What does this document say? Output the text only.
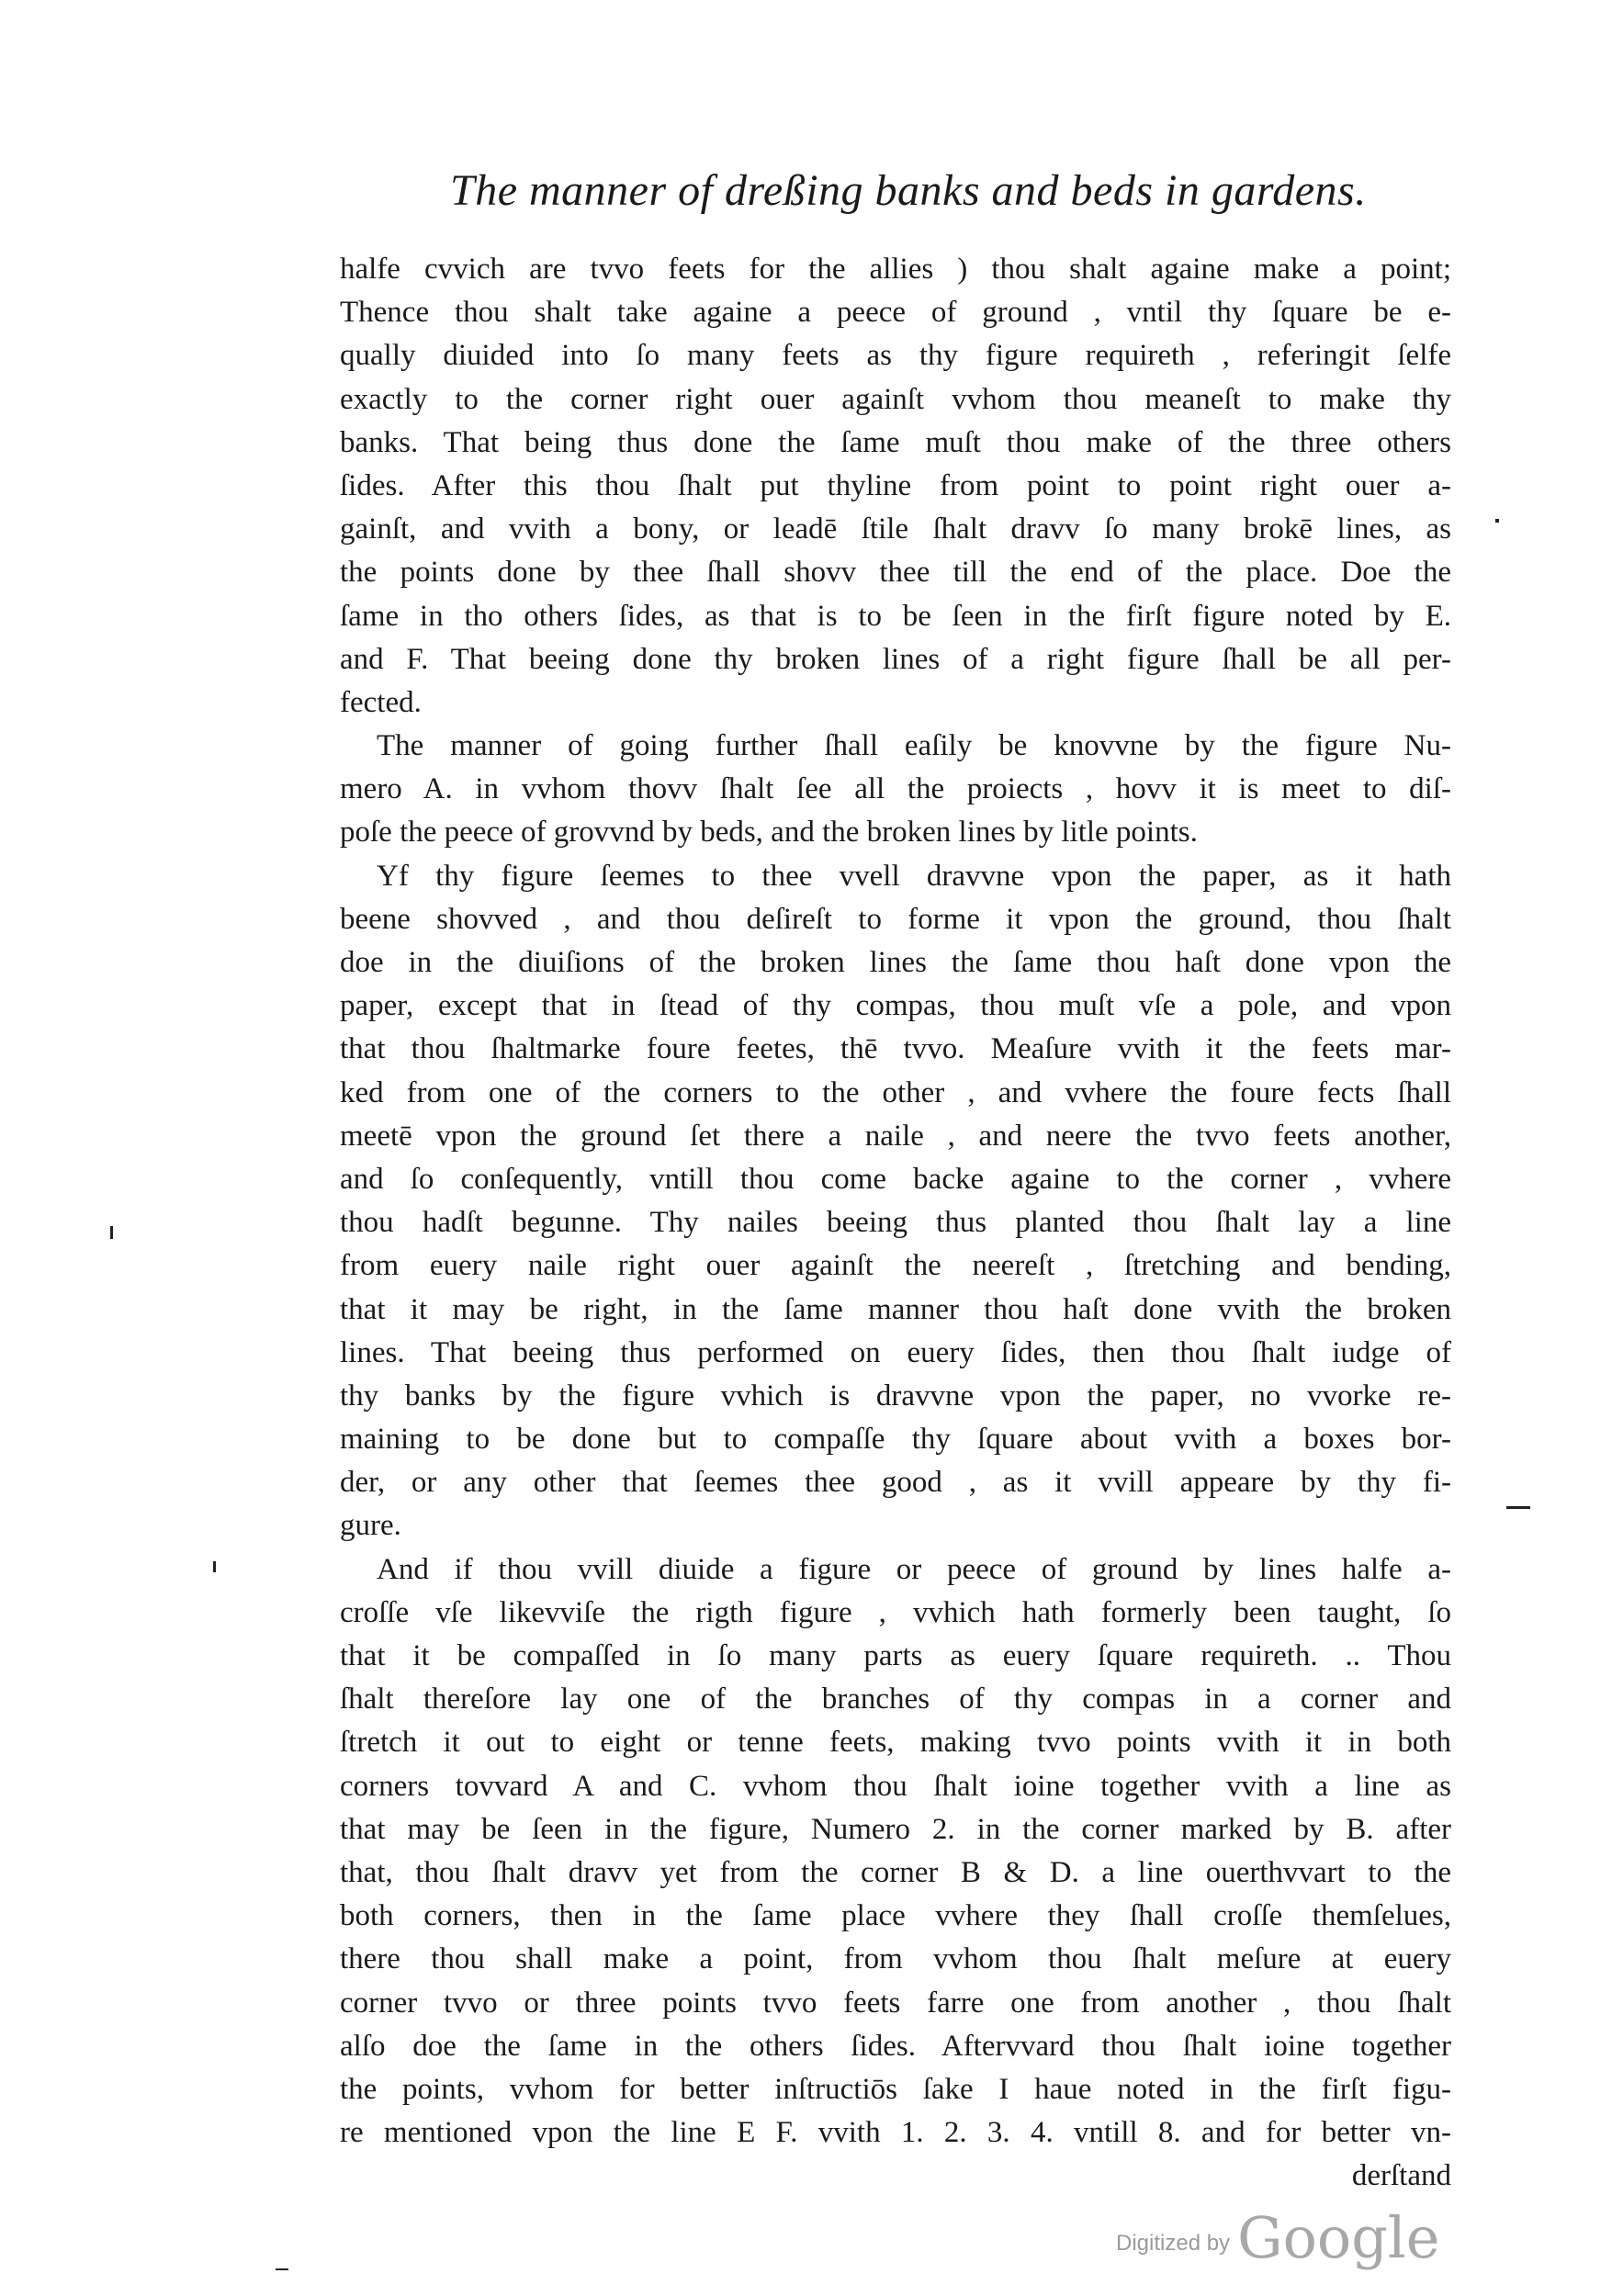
The manner of dreßing banks and beds in gardens.
halfe cvvich are tvvo feets for the allies ) thou shalt againe make a point;
Thence thou shalt take againe a peece of ground , vntil thy ſquare be e-
qually diuided into ſo many feets as thy figure requireth , referingit ſelfe
exactly to the corner right ouer againſt vvhom thou meaneſt to make thy
banks. That being thus done the ſame muſt thou make of the three others
ſides. After this thou ſhalt put thyline from point to point right ouer a-
gainſt, and vvith a bony, or leadē ſtile ſhalt dravv ſo many brokē lines, as
the points done by thee ſhall shovv thee till the end of the place. Doe the
ſame in tho others ſides, as that is to be ſeen in the firſt figure noted by E.
and F. That beeing done thy broken lines of a right figure ſhall be all per-
fected.
The manner of going further ſhall eaſily be knovvne by the figure Nu-
mero A. in vvhom thovv ſhalt ſee all the proiects , hovv it is meet to diſ-
poſe the peece of grovvnd by beds, and the broken lines by litle points.
Yf thy figure ſeemes to thee vvell dravvne vpon the paper, as it hath
beene shovved , and thou deſireſt to forme it vpon the ground, thou ſhalt
doe in the diuiſions of the broken lines the ſame thou haſt done vpon the
paper, except that in ſtead of thy compas, thou muſt vſe a pole, and vpon
that thou ſhaltmarke foure feetes, thē tvvo. Meaſure vvith it the feets mar-
ked from one of the corners to the other , and vvhere the foure fects ſhall
meetē vpon the ground ſet there a naile , and neere the tvvo feets another,
and ſo conſequently, vntill thou come backe againe to the corner , vvhere
thou hadſt begunne. Thy nailes beeing thus planted thou ſhalt lay a line
from euery naile right ouer againſt the neereſt , ſtretching and bending,
that it may be right, in the ſame manner thou haſt done vvith the broken
lines. That beeing thus performed on euery ſides, then thou ſhalt iudge of
thy banks by the figure vvhich is dravvne vpon the paper, no vvorke re-
maining to be done but to compaſſe thy ſquare about vvith a boxes bor-
der, or any other that ſeemes thee good , as it vvill appeare by thy fi-
gure.
And if thou vvill diuide a figure or peece of ground by lines halfe a-
croſſe vſe likevviſe the rigth figure , vvhich hath formerly been taught, ſo
that it be compaſſed in ſo many parts as euery ſquare requireth. .. Thou
ſhalt thereſore lay one of the branches of thy compas in a corner and
ſtretch it out to eight or tenne feets, making tvvo points vvith it in both
corners tovvard A and C. vvhom thou ſhalt ioine together vvith a line as
that may be ſeen in the figure, Numero 2. in the corner marked by B. after
that, thou ſhalt dravv yet from the corner B & D. a line ouerthvvart to the
both corners, then in the ſame place vvhere they ſhall croſſe themſelues,
there thou shall make a point, from vvhom thou ſhalt meſure at euery
corner tvvo or three points tvvo feets farre one from another , thou ſhalt
alſo doe the ſame in the others ſides. Aftervvard thou ſhalt ioine together
the points, vvhom for better inſtructiōs ſake I haue noted in the firſt figu-
re mentioned vpon the line E F. vvith 1. 2. 3. 4. vntill 8. and for better vn-
derſtand
Digitized by Google
